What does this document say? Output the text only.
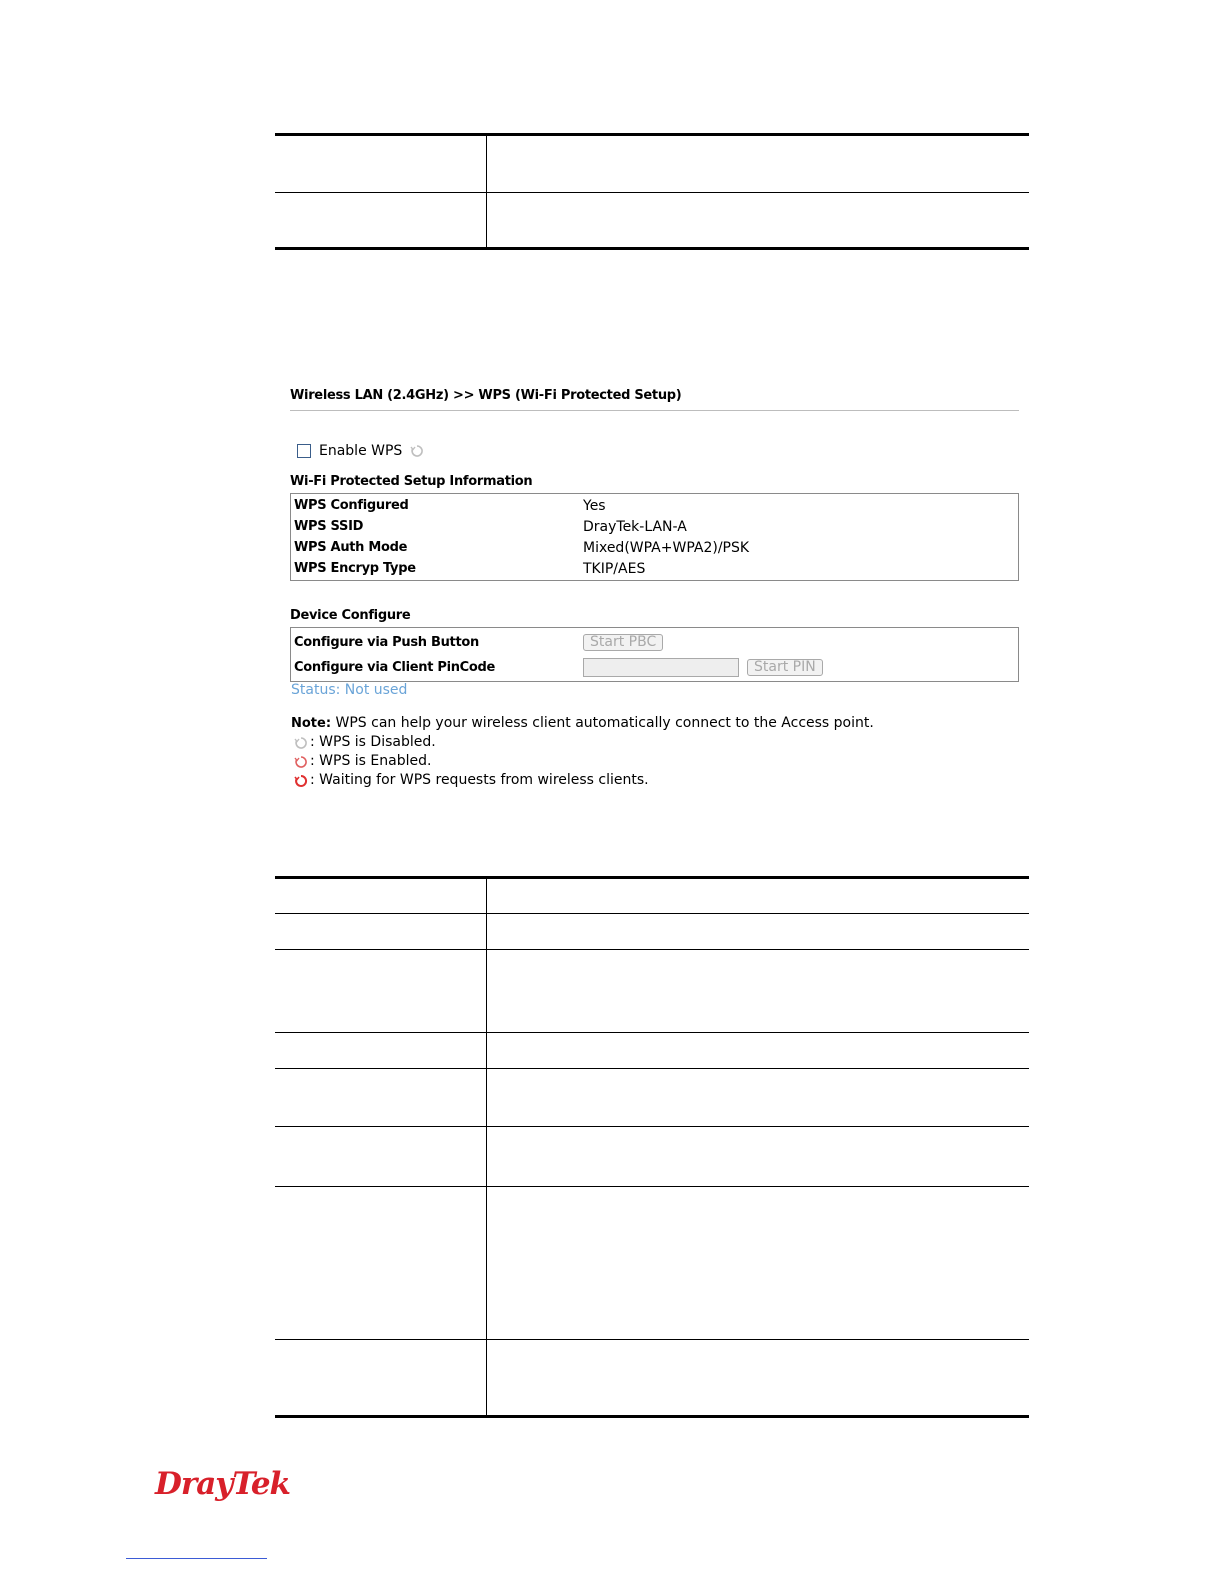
Wireless LAN (2.4GHz) >> WPS (Wi-Fi Protected Setup)
Enable WPS
Wi-Fi Protected Setup Information
WPS Configured	Yes
WPS SSID	DrayTek-LAN-A
WPS Auth Mode	Mixed(WPA+WPA2)/PSK
WPS Encryp Type	TKIP/AES
Device Configure
Configure via Push Button	Start PBC
Configure via Client PinCode	Start PIN
Status: Not used
Note: WPS can help your wireless client automatically connect to the Access point.
: WPS is Disabled.
: WPS is Enabled.
: Waiting for WPS requests from wireless clients.

DrayTek
